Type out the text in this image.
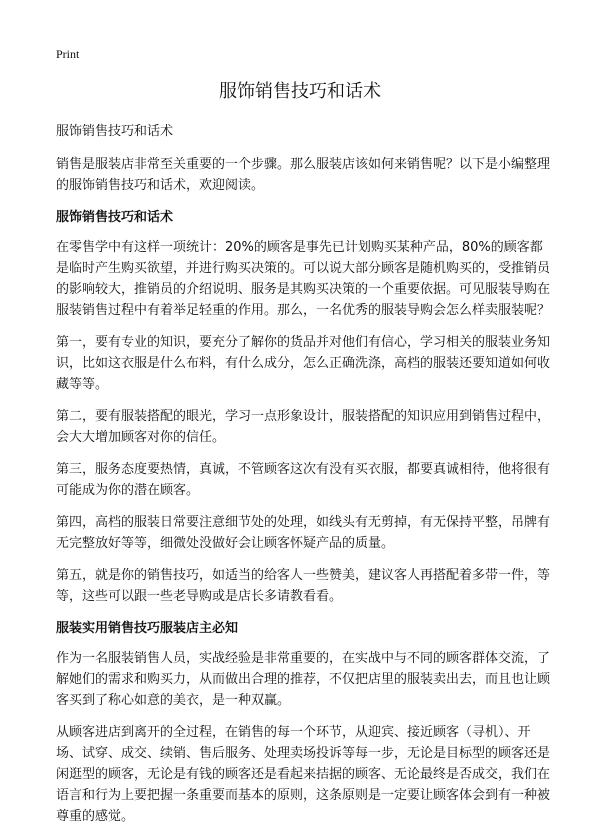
Print
服饰销售技巧和话术

服饰销售技巧和话术

销售是服装店非常至关重要的一个步骤。那么服装店该如何来销售呢？以下是小编整理的服饰销售技巧和话术，欢迎阅读。

服饰销售技巧和话术

在零售学中有这样一项统计：20%的顾客是事先已计划购买某种产品，80%的顾客都是临时产生购买欲望，并进行购买决策的。可以说大部分顾客是随机购买的，受推销员的影响较大，推销员的介绍说明、服务是其购买决策的一个重要依据。可见服装导购在服装销售过程中有着举足轻重的作用。那么，一名优秀的服装导购会怎么样卖服装呢？

第一，要有专业的知识，要充分了解你的货品并对他们有信心，学习相关的服装业务知识，比如这衣服是什么布料，有什么成分，怎么正确洗涤，高档的服装还要知道如何收藏等等。

第二，要有服装搭配的眼光，学习一点形象设计，服装搭配的知识应用到销售过程中，会大大增加顾客对你的信任。

第三，服务态度要热情，真诚，不管顾客这次有没有买衣服，都要真诚相待，他将很有可能成为你的潜在顾客。

第四，高档的服装日常要注意细节处的处理，如线头有无剪掉，有无保持平整，吊牌有无完整放好等等，细微处没做好会让顾客怀疑产品的质量。

第五，就是你的销售技巧，如适当的给客人一些赞美，建议客人再搭配着多带一件，等等，这些可以跟一些老导购或是店长多请教看看。

服装实用销售技巧服装店主必知

作为一名服装销售人员，实战经验是非常重要的，在实战中与不同的顾客群体交流，了解她们的需求和购买力，从而做出合理的推荐，不仅把店里的服装卖出去，而且也让顾客买到了称心如意的美衣，是一种双赢。

从顾客进店到离开的全过程，在销售的每一个环节，从迎宾、接近顾客（寻机）、开场、试穿、成交、续销、售后服务、处理卖场投诉等每一步，无论是目标型的顾客还是闲逛型的顾客，无论是有钱的顾客还是看起来拮据的顾客、无论最终是否成交，我们在语言和行为上要把握一条重要而基本的原则，这条原则是一定要让顾客体会到有一种被尊重的感觉。
